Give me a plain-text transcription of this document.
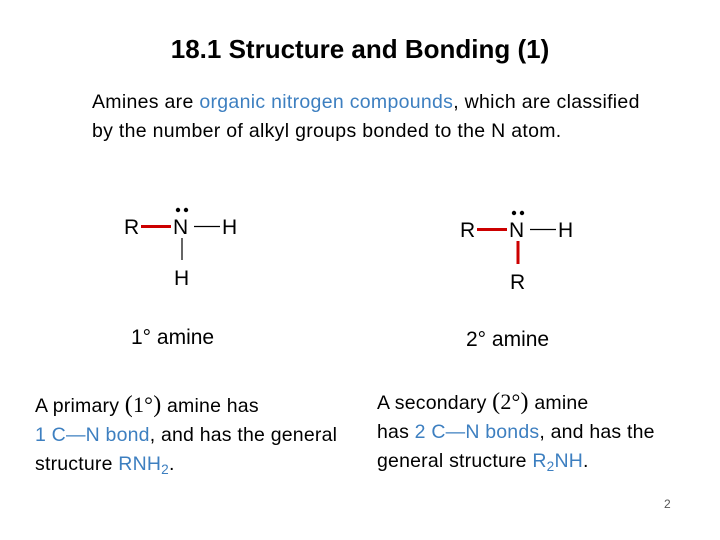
18.1 Structure and Bonding (1)
Amines are organic nitrogen compounds, which are classified by the number of alkyl groups bonded to the N atom.
R N H
H
1° amine
R N H
R
2° amine
A primary (1°) amine has
1 C—N bond, and has the general structure $RNH_2$.
A secondary (2°) amine
has 2 C—N bonds, and has the general structure $R_2NH$.
2
